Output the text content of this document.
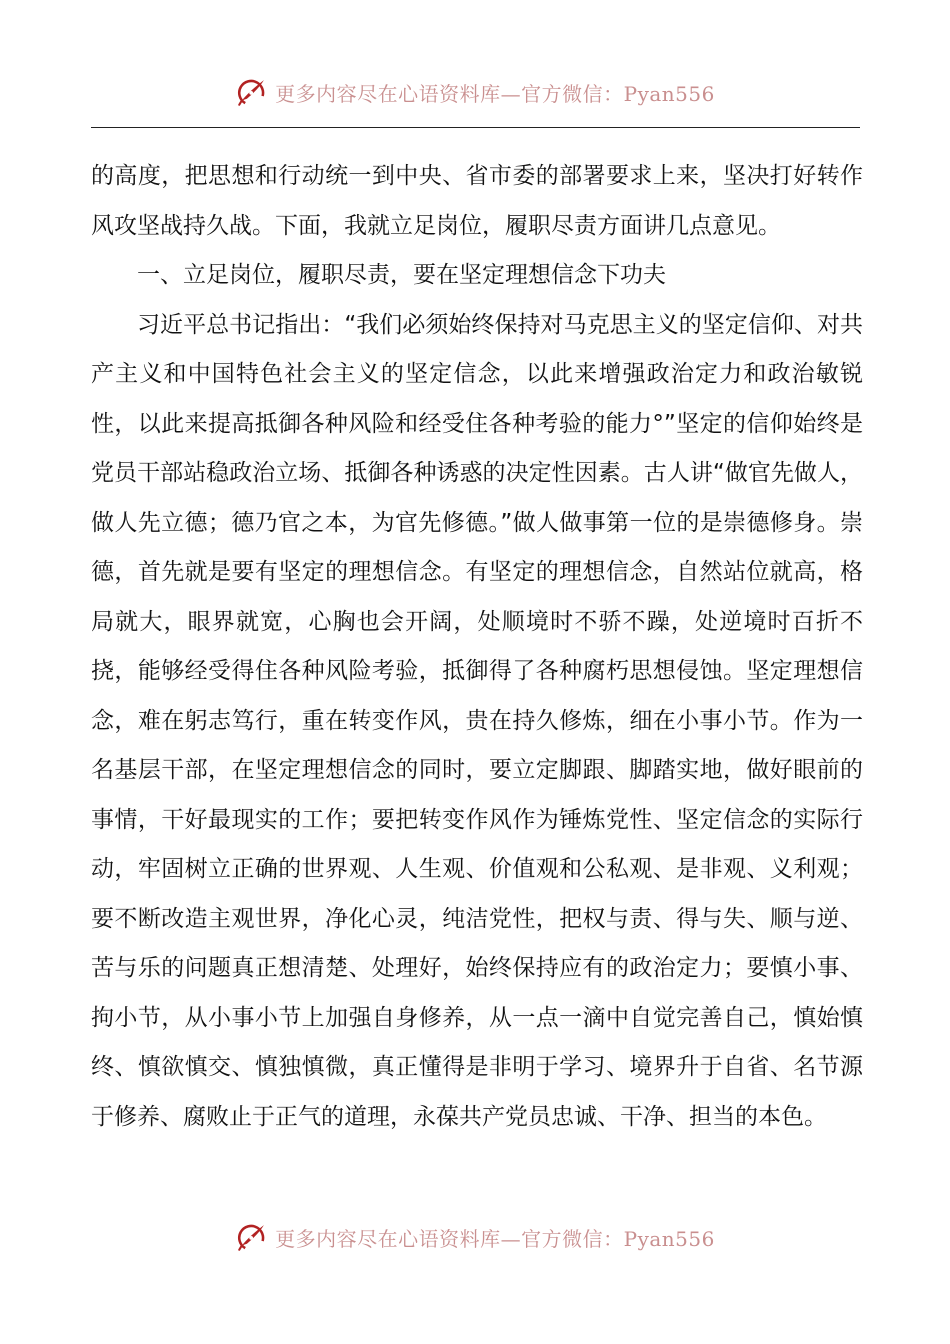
更多内容尽在心语资料库—官方微信：Pyan556

的高度，把思想和行动统一到中央、省市委的部署要求上来，坚决打好转作风攻坚战持久战。下面，我就立足岗位，履职尽责方面讲几点意见。

一、立足岗位，履职尽责，要在坚定理想信念下功夫

习近平总书记指出：“我们必须始终保持对马克思主义的坚定信仰、对共产主义和中国特色社会主义的坚定信念，以此来增强政治定力和政治敏锐性，以此来提高抵御各种风险和经受住各种考验的能力°”坚定的信仰始终是党员干部站稳政治立场、抵御各种诱惑的决定性因素。古人讲“做官先做人，做人先立德；德乃官之本，为官先修德。”做人做事第一位的是崇德修身。崇德，首先就是要有坚定的理想信念。有坚定的理想信念，自然站位就高，格局就大，眼界就宽，心胸也会开阔，处顺境时不骄不躁，处逆境时百折不挠，能够经受得住各种风险考验，抵御得了各种腐朽思想侵蚀。坚定理想信念，难在躬志笃行，重在转变作风，贵在持久修炼，细在小事小节。作为一名基层干部，在坚定理想信念的同时，要立定脚跟、脚踏实地，做好眼前的事情，干好最现实的工作；要把转变作风作为锤炼党性、坚定信念的实际行动，牢固树立正确的世界观、人生观、价值观和公私观、是非观、义利观；要不断改造主观世界，净化心灵，纯洁党性，把权与责、得与失、顺与逆、苦与乐的问题真正想清楚、处理好，始终保持应有的政治定力；要慎小事、拘小节，从小事小节上加强自身修养，从一点一滴中自觉完善自己，慎始慎终、慎欲慎交、慎独慎微，真正懂得是非明于学习、境界升于自省、名节源于修养、腐败止于正气的道理，永葆共产党员忠诚、干净、担当的本色。

更多内容尽在心语资料库—官方微信：Pyan556
